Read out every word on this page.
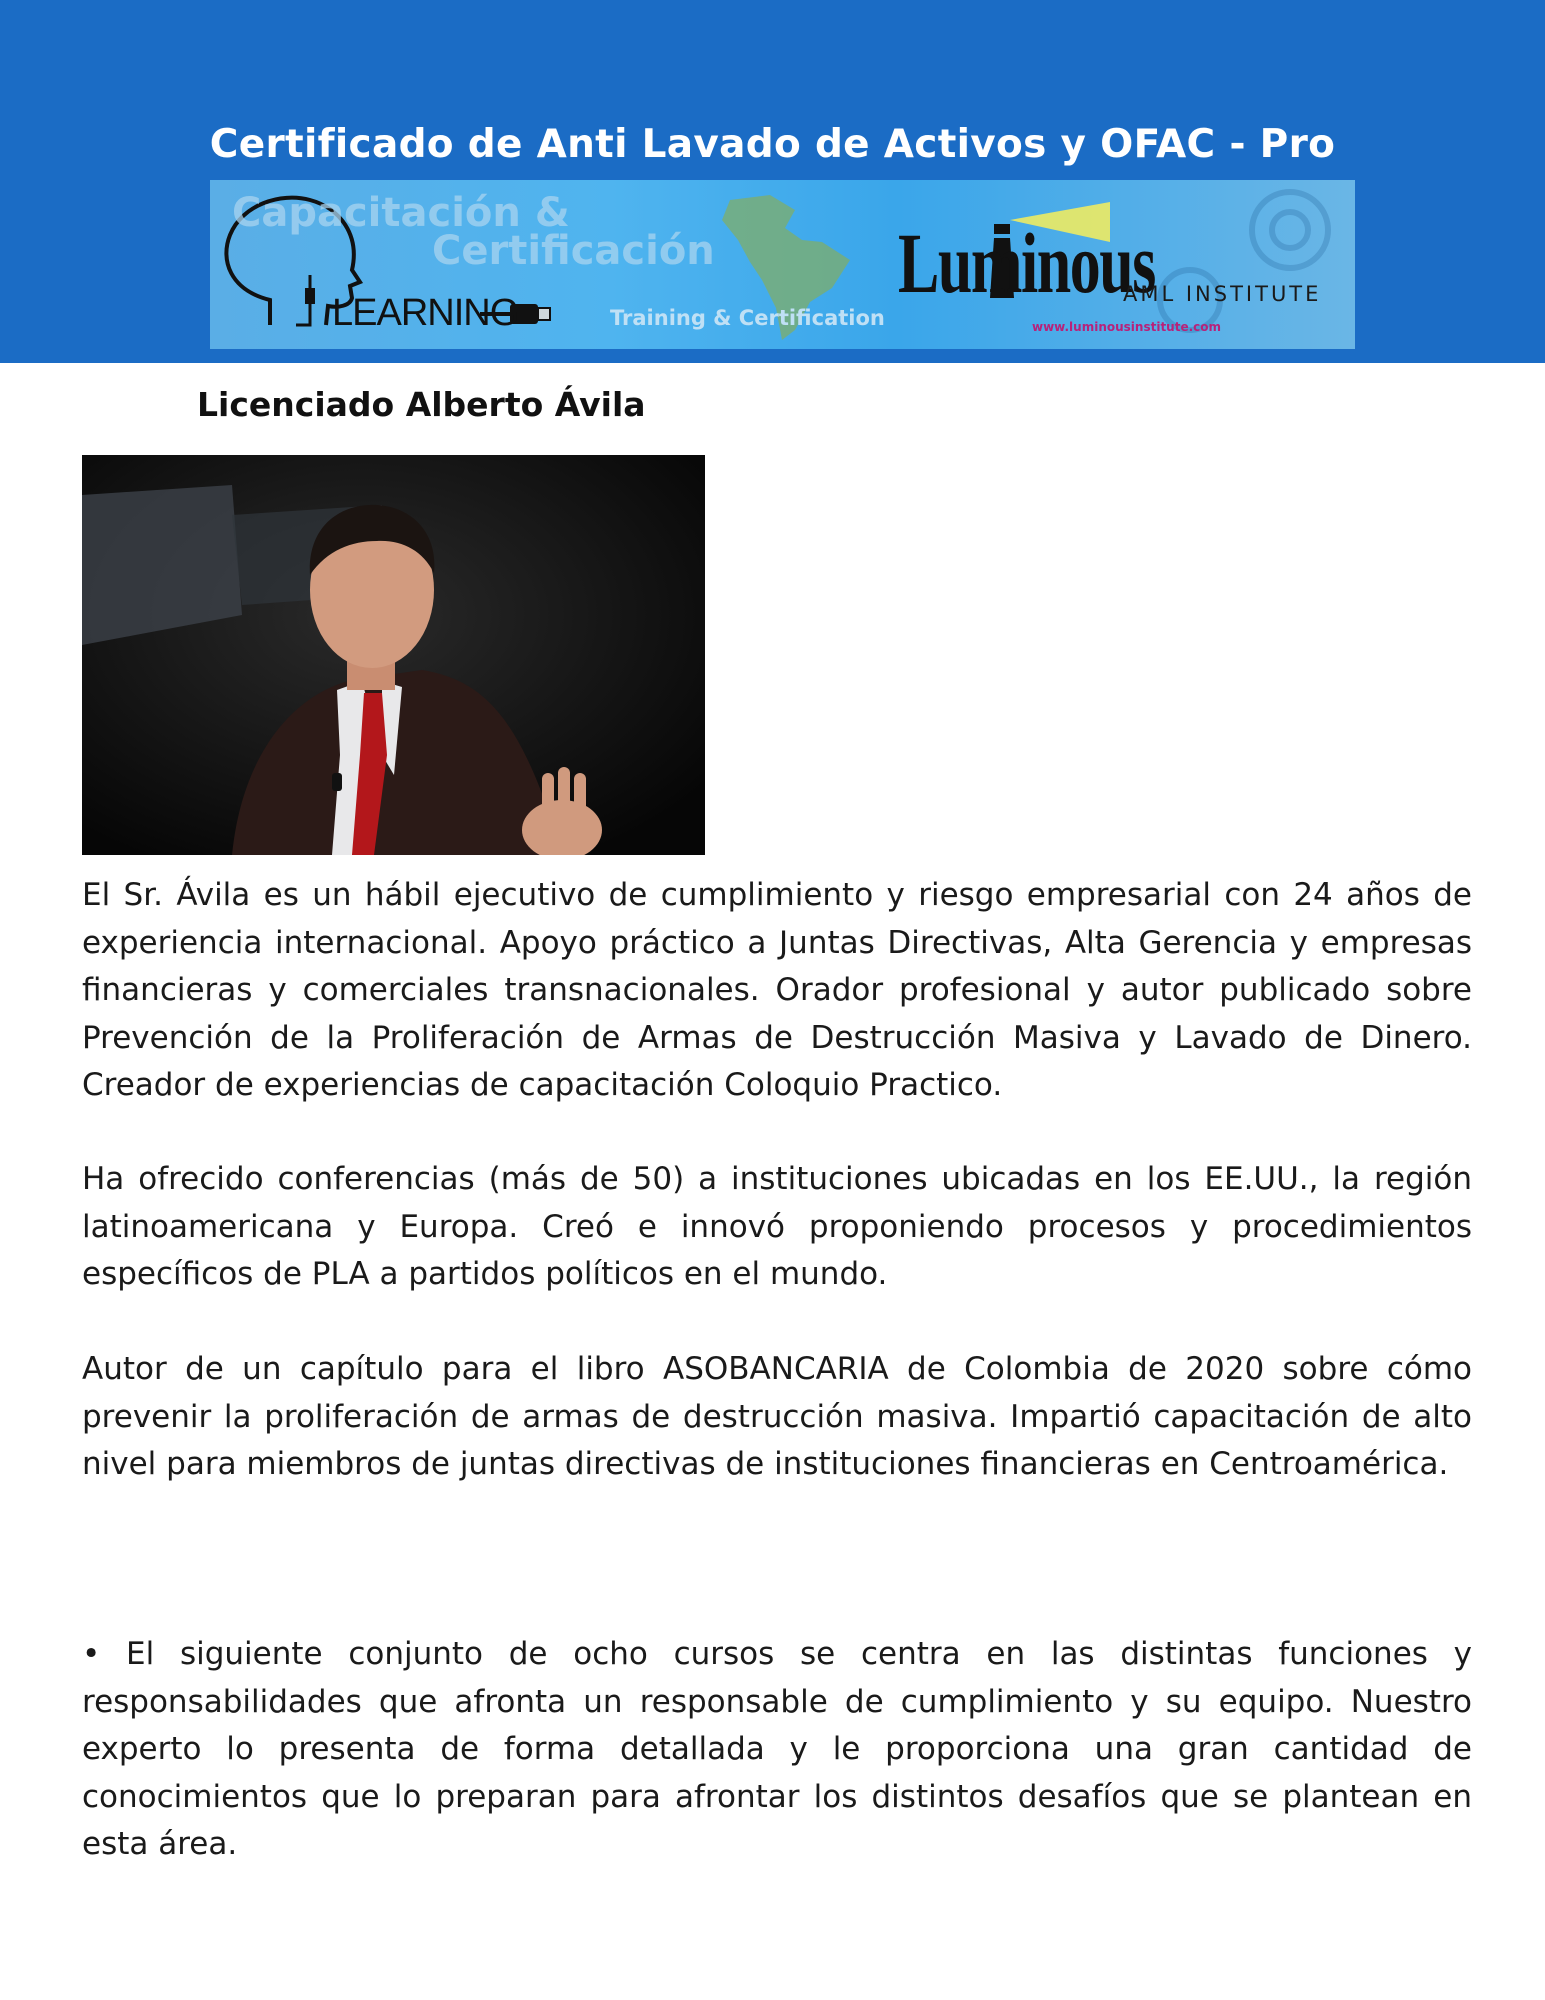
Certificado de Anti Lavado de Activos y OFAC - Pro
Capacitación &
Certificación
LEARNING	Training & Certification
Luminous
AML INSTITUTE
www.luminousinstitute.com
Licenciado Alberto Ávila

El Sr. Ávila es un hábil ejecutivo de cumplimiento y riesgo empresarial con 24 años de experiencia internacional. Apoyo práctico a Juntas Directivas, Alta Gerencia y empresas financieras y comerciales transnacionales. Orador profesional y autor publicado sobre Prevención de la Proliferación de Armas de Destrucción Masiva y Lavado de Dinero. Creador de experiencias de capacitación Coloquio Practico.

Ha ofrecido conferencias (más de 50) a instituciones ubicadas en los EE.UU., la región latinoamericana y Europa. Creó e innovó proponiendo procesos y procedimientos específicos de PLA a partidos políticos en el mundo.

Autor de un capítulo para el libro ASOBANCARIA de Colombia de 2020 sobre cómo prevenir la proliferación de armas de destrucción masiva. Impartió capacitación de alto nivel para miembros de juntas directivas de instituciones financieras en Centroamérica.

• El siguiente conjunto de ocho cursos se centra en las distintas funciones y responsabilidades que afronta un responsable de cumplimiento y su equipo. Nuestro experto lo presenta de forma detallada y le proporciona una gran cantidad de conocimientos que lo preparan para afrontar los distintos desafíos que se plantean en esta área.
